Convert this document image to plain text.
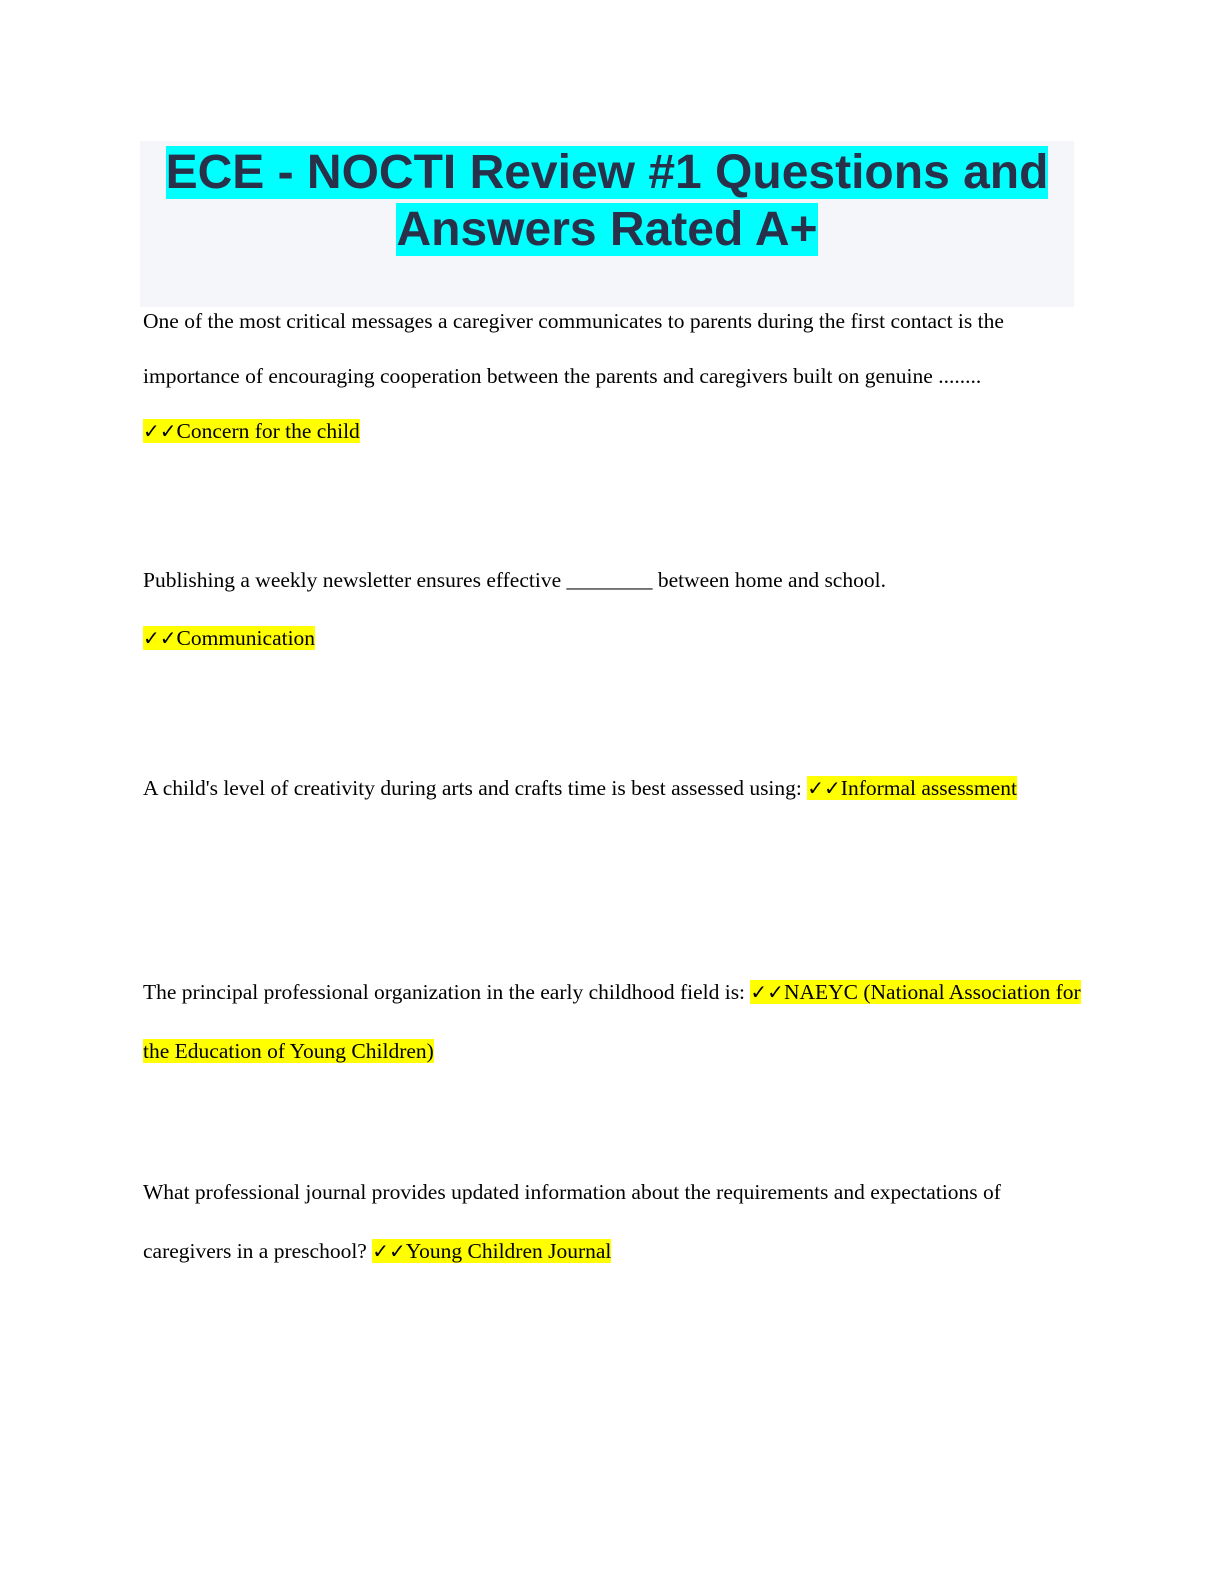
ECE - NOCTI Review #1 Questions and
Answers Rated A+

One of the most critical messages a caregiver communicates to parents during the first contact is the importance of encouraging cooperation between the parents and caregivers built on genuine ........ ✓✓Concern for the child

Publishing a weekly newsletter ensures effective ________ between home and school.
✓✓Communication

A child's level of creativity during arts and crafts time is best assessed using: ✓✓Informal assessment

The principal professional organization in the early childhood field is: ✓✓NAEYC (National Association for the Education of Young Children)

What professional journal provides updated information about the requirements and expectations of caregivers in a preschool? ✓✓Young Children Journal
